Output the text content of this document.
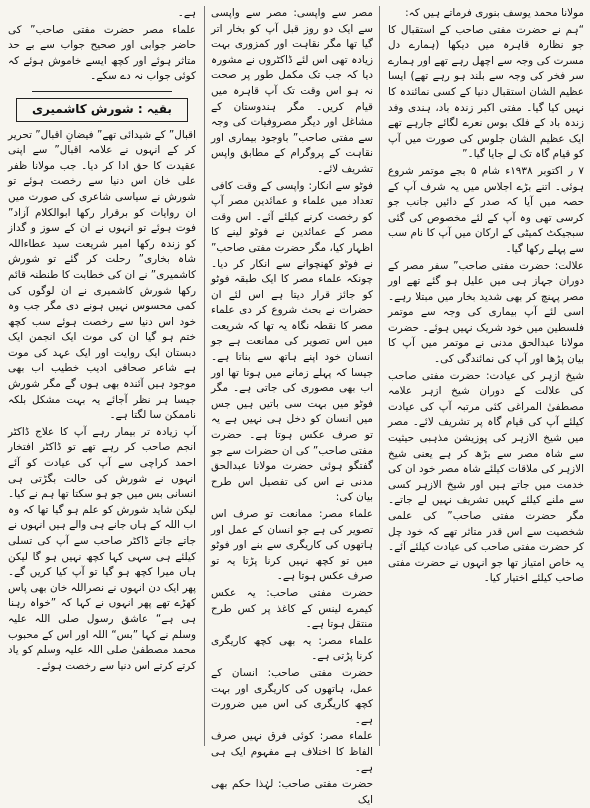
مولانا محمد یوسف بنوری فرماتے ہیں کہ:

“ہم نے حضرت مفتی صاحب کے استقبال کا جو نظارہ قاہرہ میں دیکھا (ہمارے دل مسرت کی وجہ سے اچھل رہے تھے اور ہمارے سر فخر کی وجہ سے بلند ہو رہے تھے) ایسا عظیم الشان استقبال دنیا کے کسی نمائندہ کا نہیں کیا گیا۔ مفتی اکبر زندہ باد، ہندی وفد زندہ باد کے فلک بوس نعرے لگائے جارہے تھے ایک عظیم الشان جلوس کی صورت میں آپ کو قیام گاہ تک لے جایا گیا۔”

۷ ر اکتوبر ۱۹۳۸ء شام ۵ بجے موتمر شروع ہوئی۔ اتنے بڑے اجلاس میں یہ شرف آپ کے حصہ میں آیا کہ صدر کے دائیں جانب جو کرسی تھی وہ آپ کے لئے مخصوص کی گئی سبجیکٹ کمیٹی کے ارکان میں آپ کا نام سب سے پہلے رکھا گیا۔

علالت: حضرت مفتی صاحب” سفر مصر کے دوران جہاز ہی میں علیل ہو گئے تھے اور مصر پہنچ کر بھی شدید بخار میں مبتلا رہے۔ اسی لئے آپ بیماری کی وجہ سے موتمر فلسطین میں خود شریک نہیں ہوئے۔ حضرت مولانا عبدالحق مدنی نے موتمر میں آپ کا بیان پڑھا اور آپ کی نمائندگی کی۔

شیخ ازہر کی عیادت: حضرت مفتی صاحب کی علالت کے دوران شیخ ازہر علامہ مصطفیٰ المراغی کئی مرتبہ آپ کی عیادت کیلئے آپ کی قیام گاہ پر تشریف لائے۔ مصر میں شیخ الازہر کی پوزیشن مذہبی حیثیت سے شاہ مصر سے بڑھ کر ہے یعنی شیخ الازہر کی ملاقات کیلئے شاہ مصر خود ان کی خدمت میں جاتے ہیں اور شیخ الازہر کسی سے ملنے کیلئے کہیں تشریف نہیں لے جاتے۔ مگر حضرت مفتی صاحب” کی علمی شخصیت سے اس قدر متاثر تھے کہ خود چل کر حضرت مفتی صاحب کی عیادت کیلئے آئے۔ یہ خاص امتیاز تھا جو انہوں نے حضرت مفتی صاحب کیلئے اختیار کیا۔

مصر سے واپسی: مصر سے واپسی سے ایک دو روز قبل آپ کو بخار اتر گیا تھا مگر نقاہت اور کمزوری بہت زیادہ تھی اس لئے ڈاکٹروں نے مشورہ دیا کہ جب تک مکمل طور پر صحت نہ ہو اس وقت تک آپ قاہرہ میں قیام کریں۔ مگر ہندوستان کے مشاغل اور دیگر مصروفیات کی وجہ سے مفتی صاحب” باوجود بیماری اور نقاہت کے پروگرام کے مطابق واپس تشریف لائے۔

فوٹو سے انکار: واپسی کے وقت کافی تعداد میں علماء و عمائدین مصر آپ کو رخصت کرنے کیلئے آئے۔ اس وقت مصر کے عمائدین نے فوٹو لینے کا اظہار کیا، مگر حضرت مفتی صاحب” نے فوٹو کھنچوانے سے انکار کر دیا۔ چونکہ علماء مصر کا ایک طبقہ فوٹو کو جائز قرار دیتا ہے اس لئے ان حضرات نے بحث شروع کر دی علماء مصر کا نقطہ نگاہ یہ تھا کہ شریعت میں اس تصویر کی ممانعت ہے جو انسان خود اپنے ہاتھ سے بناتا ہے۔ جیسا کہ پہلے زمانے میں ہوتا تھا اور اب بھی مصوری کی جاتی ہے۔ مگر فوٹو میں بہت سی باتیں ہیں جس میں انسان کو دخل ہی نہیں ہے یہ تو صرف عکس ہوتا ہے۔ حضرت مفتی صاحب” کی ان حضرات سے جو گفتگو ہوئی حضرت مولانا عبدالحق مدنی نے اس کی تفصیل اس طرح بیان کی:

علماء مصر: ممانعت تو صرف اس تصویر کی ہے جو انسان کے عمل اور ہاتھوں کی کاریگری سے بنے اور فوٹو میں تو کچھ نہیں کرنا پڑتا یہ تو صرف عکس ہوتا ہے۔

حضرت مفتی صاحب: یہ عکس کیمرے لینس کے کاغذ پر کس طرح منتقل ہوتا ہے۔

علماء مصر: یہ بھی کچھ کاریگری کرنا پڑتی ہے۔

حضرت مفتی صاحب: انسان کے عمل، ہاتھوں کی کاریگری اور بہت کچھ کاریگری کی اس میں ضرورت ہے۔

علماء مصر: کوئی فرق نہیں صرف الفاظ کا اختلاف ہے مفہوم ایک ہی ہے۔

حضرت مفتی صاحب: لہٰذا حکم بھی ایک

ہے۔

علماء مصر حضرت مفتی صاحب” کی حاضر جوابی اور صحیح جواب سے بے حد متاثر ہوئے اور کچھ ایسے خاموش ہوئے کہ کوئی جواب نہ دے سکے۔

بقیہ : شورش کاشمیری

اقبال” کے شیدائی تھے” فیضانِ اقبال” تحریر کر کے انہوں نے علامہ اقبال” سے اپنی عقیدت کا حق ادا کر دیا۔ جب مولانا ظفر علی خان اس دنیا سے رخصت ہوئے تو شورش نے سیاسی شاعری کی صورت میں ان روایات کو برقرار رکھا ابوالکلام آزاد” فوت ہوئے تو انہوں نے ان کے سوز و گداز کو زندہ رکھا امیر شریعت سید عطاءاللہ شاہ بخاری” رحلت کر گئے تو شورش کاشمیری” نے ان کی خطابت کا طنطنہ قائم رکھا شورش کاشمیری نے ان لوگوں کی کمی محسوس نہیں ہونے دی مگر جب وہ خود اس دنیا سے رخصت ہوئے سب کچھ ختم ہو گیا ان کی موت ایک انجمن ایک دبستان ایک روایت اور ایک عہد کی موت ہے شاعر صحافی ادیب خطیب اب بھی موجود ہیں آئندہ بھی ہوں گے مگر شورش جیسا ہر نظر آجائے یہ بہت مشکل بلکہ ناممکن سا لگتا ہے۔

آپ زیادہ تر بیمار رہے آپ کا علاج ڈاکٹر انجم صاحب کر رہے تھے تو ڈاکٹر افتخار احمد کراچی سے آپ کی عیادت کو آئے انہوں نے شورش کی حالت بگڑتی ہی انسانی بس میں جو ہو سکتا تھا ہم نے کیا۔ لیکن شاید شورش کو علم ہو گیا تھا کہ وہ اب اللہ کے ہاں جانے ہی والے ہیں انہوں نے جاتے جاتے ڈاکٹر صاحب سے آپ کی تسلی کیلئے ہی سہی کہا کچھ نہیں ہو گا لیکن ہاں میرا کچھ ہو گیا تو آپ کیا کریں گے۔ پھر ایک دن انہوں نے نصراللہ خان بھی پاس کھڑے تھے پھر انہوں نے کہا کہ ”خواہ رہنا ہی ہے“ عاشق رسول صلی اللہ علیہ وسلم نے کہا ”بس“ اللہ اور اس کے محبوب محمد مصطفیٰ صلی اللہ علیہ وسلم کو یاد کرتے کرتے اس دنیا سے رخصت ہوئے۔
